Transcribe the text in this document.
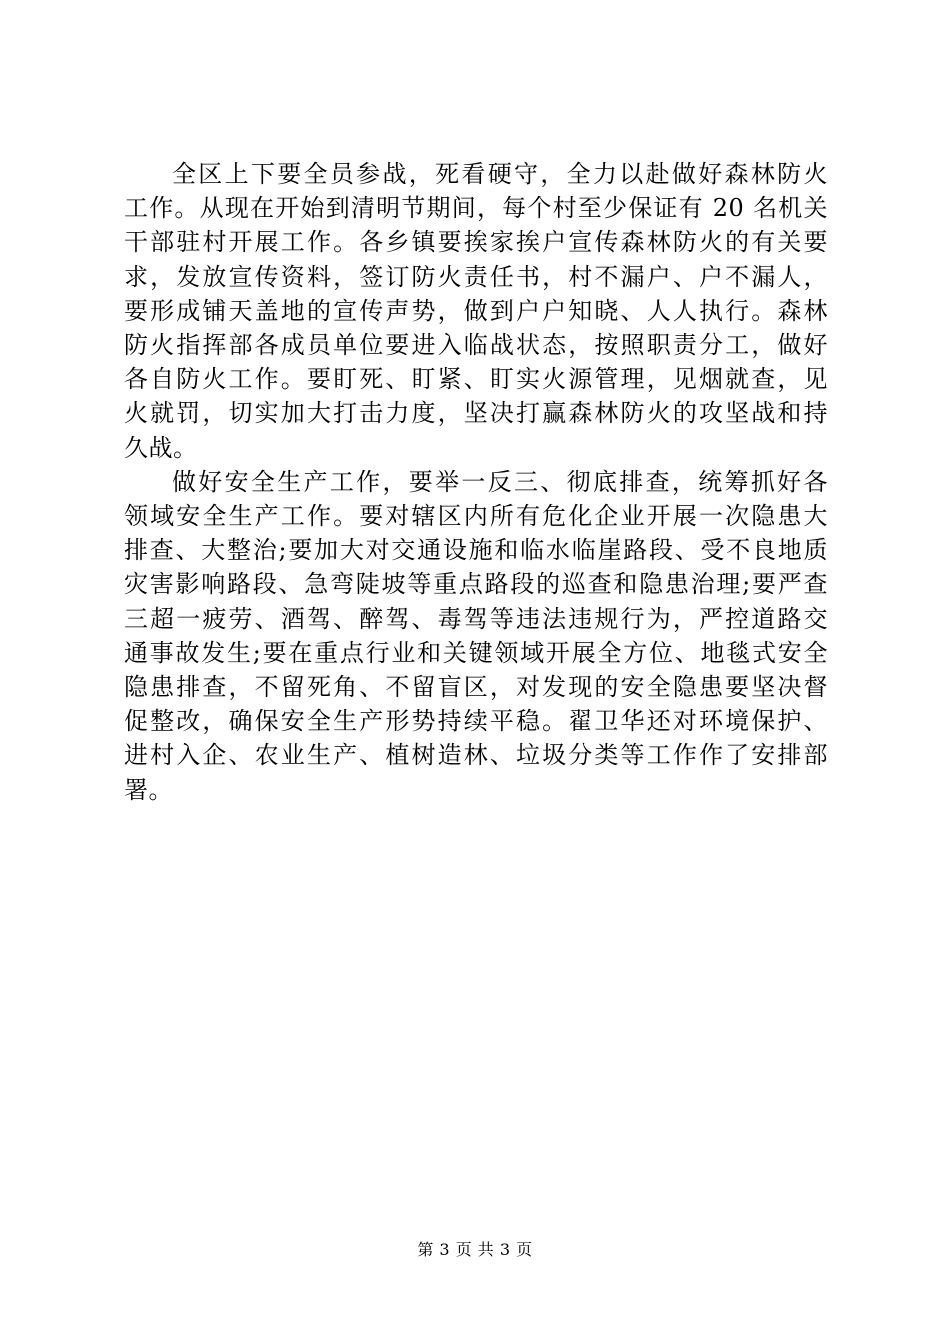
全区上下要全员参战，死看硬守，全力以赴做好森林防火
工作。从现在开始到清明节期间，每个村至少保证有 20 名机关
干部驻村开展工作。各乡镇要挨家挨户宣传森林防火的有关要
求，发放宣传资料，签订防火责任书，村不漏户、户不漏人，
要形成铺天盖地的宣传声势，做到户户知晓、人人执行。森林
防火指挥部各成员单位要进入临战状态，按照职责分工，做好
各自防火工作。要盯死、盯紧、盯实火源管理，见烟就查，见
火就罚，切实加大打击力度，坚决打赢森林防火的攻坚战和持
久战。

做好安全生产工作，要举一反三、彻底排查，统筹抓好各
领域安全生产工作。要对辖区内所有危化企业开展一次隐患大
排查、大整治;要加大对交通设施和临水临崖路段、受不良地质
灾害影响路段、急弯陡坡等重点路段的巡查和隐患治理;要严查
三超一疲劳、酒驾、醉驾、毒驾等违法违规行为，严控道路交
通事故发生;要在重点行业和关键领域开展全方位、地毯式安全
隐患排查，不留死角、不留盲区，对发现的安全隐患要坚决督
促整改，确保安全生产形势持续平稳。翟卫华还对环境保护、
进村入企、农业生产、植树造林、垃圾分类等工作作了安排部
署。

第 3 页 共 3 页
